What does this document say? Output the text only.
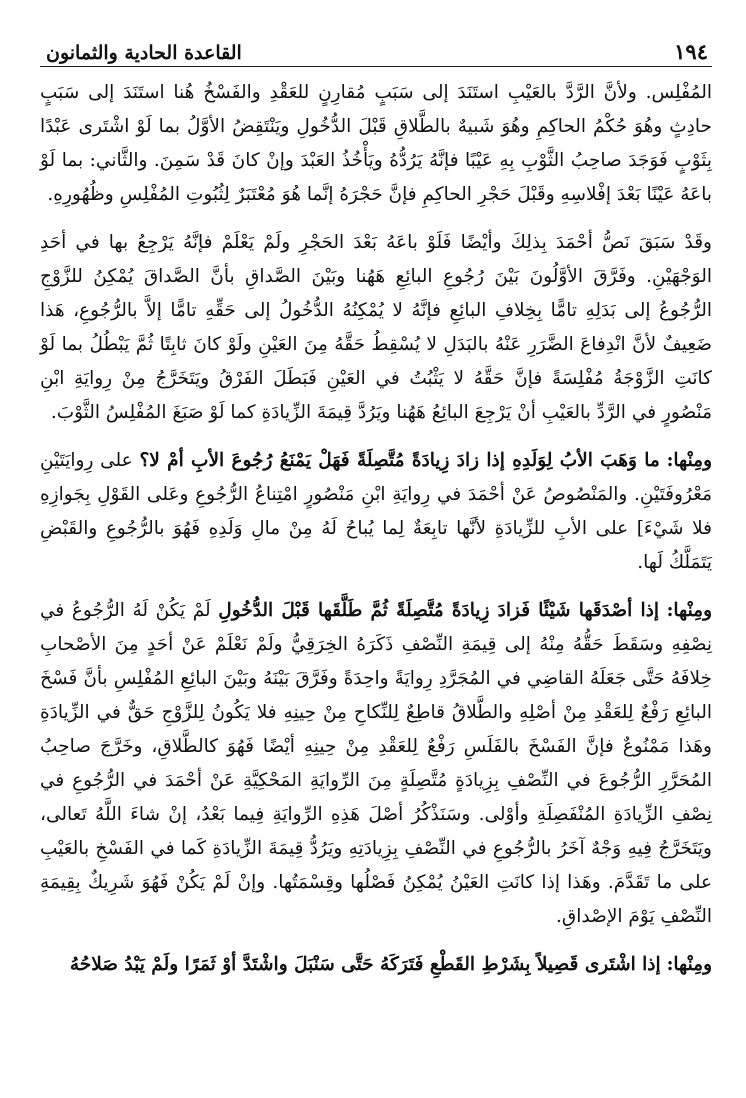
١٩٤
القاعدة الحادية والثمانون

المُفْلِس. ولأنَّ الرَّدَّ بالعَيْبِ استَنَدَ إلى سَبَبٍ مُقارِنٍ للعَقْدِ والفَسْخُ هُنا استَنَدَ إلى سَبَبٍ حادِثٍ وهُوَ حُكْمُ الحاكِمِ وهُوَ شَبيهٌ بالطَّلاقِ قَبْلَ الدُّخُولِ ويَنْتَقِضُ الأوَّلُ بما لَوْ اشْتَرى عَبْدًا بِثَوْبٍ فَوَجَدَ صاحِبُ الثَّوْبِ بِهِ عَيْبًا فإنَّهُ يَرُدُّهُ ويَأْخُذُ العَبْدَ وإنْ كانَ قَدْ سَمِنَ. والثَّاني: بما لَوْ باعَهُ عَيْنًا بَعْدَ إفْلاسِهِ وقَبْلَ حَجْرِ الحاكِمِ فإنَّ حَجْرَهُ إنَّما هُوَ مُعْتَبَرٌ لِثُبُوتِ المُفْلِسِ وظُهُورِهِ.

وقَدْ سَبَقَ نَصُّ أحْمَدَ بِذلِكَ وأيْضًا فَلَوْ باعَهُ بَعْدَ الحَجْرِ ولَمْ يَعْلَمْ فإنَّهُ يَرْجِعُ بها في أحَدِ الوَجْهَيْنِ. وفَرَّقَ الأوَّلُونَ بَيْنَ رُجُوعِ البائِعِ هَهُنا وبَيْنَ الصَّداقِ بأنَّ الصَّداقَ يُمْكِنُ للزَّوْجِ الرُّجُوعُ إلى بَدَلِهِ تامًّا بِخِلافِ البائِعِ فإنَّهُ لا يُمْكِنُهُ الدُّخُولُ إلى حَقِّهِ تامًّا إلاَّ بالرُّجُوعِ، هَذا ضَعِيفٌ لأنَّ انْدِفاعَ الضَّرَرِ عَنْهُ بالبَدَلِ لا يُسْقِطُ حَقَّهُ مِنَ العَيْنِ ولَوْ كانَ ثابِتًا ثُمَّ يَبْطُلُ بما لَوْ كانَتِ الزَّوْجَةُ مُفْلِسَةً فإنَّ حَقَّهُ لا يَثْبُتُ في العَيْنِ فَبَطَلَ الفَرْقُ ويَتَخَرَّجُ مِنْ رِوايَةِ ابْنِ مَنْصُورٍ في الرَّدِّ بالعَيْبِ أنْ يَرْجِعَ البائِعُ هَهُنا ويَرُدَّ قِيمَةَ الزِّيادَةِ كما لَوْ صَبَغَ المُفْلِسُ الثَّوْبَ.

ومِنْها: ما وَهَبَ الأبُ لِوَلَدِهِ إذا زادَ زِيادَةً مُتَّصِلَةً فَهَلْ يَمْنَعُ رُجُوعَ الأبِ أمْ لا؟ على رِوايَتَيْنِ مَعْرُوفَتَيْنِ. والمَنْصُوصُ عَنْ أحْمَدَ في رِوايَةِ ابْنِ مَنْصُورٍ امْتِناعُ الرُّجُوعِ وعَلى القَوْلِ بِجَوازِهِ فلا شَيْءَ] على الأبِ للزِّيادَةِ لأنَّها تابِعَةٌ لِما يُباحُ لَهُ مِنْ مالِ وَلَدِهِ فَهُوَ بالرُّجُوعِ والقَبْضِ يَتَمَلَّكُ لَها.

ومِنْها: إذا أصْدَقَها شَيْئًا فَزادَ زِيادَةً مُتَّصِلَةً ثُمَّ طَلَّقَها قَبْلَ الدُّخُولِ لَمْ يَكُنْ لَهُ الرُّجُوعُ في نِصْفِهِ وسَقَطَ حَقُّهُ مِنْهُ إلى قِيمَةِ النِّصْفِ ذَكَرَهُ الخِرَقِيُّ ولَمْ نَعْلَمْ عَنْ أحَدٍ مِنَ الأصْحابِ خِلافَهُ حَتَّى جَعَلَهُ القاضِي في المُجَرَّدِ رِوايَةً واحِدَةً وفَرَّقَ بَيْنَهُ وبَيْنَ البائِعِ المُفْلِسِ بأنَّ فَسْخَ البائِعِ رَفْعٌ لِلعَقْدِ مِنْ أصْلِهِ والطَّلاقُ قاطِعٌ لِلنِّكاحِ مِنْ حِينِهِ فلا يَكُونُ لِلزَّوْجِ حَقٌّ في الزِّيادَةِ وهَذا مَمْنُوعٌ فإنَّ الفَسْخَ بالفَلَسِ رَفْعٌ لِلعَقْدِ مِنْ حِينِهِ أيْضًا فَهُوَ كالطَّلاقِ، وخَرَّجَ صاحِبُ المُحَرَّرِ الرُّجُوعَ في النِّصْفِ بِزِيادَةٍ مُتَّصِلَةٍ مِنَ الرِّوايَةِ المَحْكِيَّةِ عَنْ أحْمَدَ في الرُّجُوعِ في نِصْفِ الزِّيادَةِ المُنْفَصِلَةِ وأوْلى. وسَنَذْكُرُ أصْلَ هَذِهِ الرِّوايَةِ فِيما بَعْدُ، إنْ شاءَ اللَّهُ تَعالى، ويَتَخَرَّجُ فِيهِ وَجْهٌ آخَرُ بالرُّجُوعِ في النِّصْفِ بِزِيادَتِهِ ويَرُدُّ قِيمَةَ الزِّيادَةِ كَما في الفَسْخِ بالعَيْبِ على ما تَقَدَّمَ. وهَذا إذا كانَتِ العَيْنُ يُمْكِنُ فَصْلُها وقِسْمَتُها. وإنْ لَمْ يَكُنْ فَهُوَ شَرِيكٌ بِقِيمَةِ النِّصْفِ يَوْمَ الإصْداقِ.

ومِنْها: إذا اشْتَرى قَصِيلاً بِشَرْطِ القَطْعِ فَتَرَكَهُ حَتَّى سَنْبَلَ واشْتَدَّ أوْ ثَمَرًا ولَمْ يَبْدُ صَلاحُهُ
